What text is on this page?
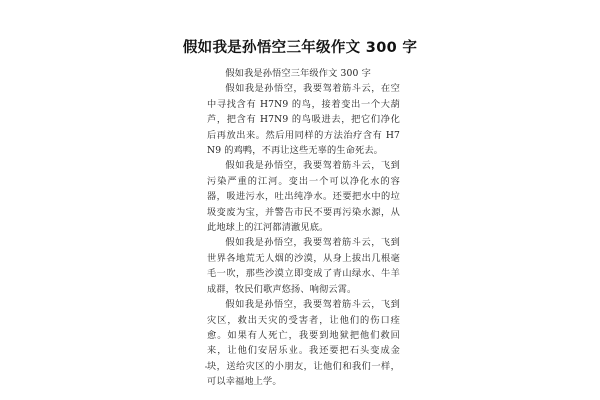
假如我是孙悟空三年级作文 300 字

假如我是孙悟空三年级作文 300 字

假如我是孙悟空，我要驾着筋斗云，在空中寻找含有 H7N9 的鸟，接着变出一个大葫芦，把含有 H7N9 的鸟吸进去，把它们净化后再放出来。然后用同样的方法治疗含有 H7N9 的鸡鸭，不再让这些无辜的生命死去。

假如我是孙悟空，我要驾着筋斗云，飞到污染严重的江河。变出一个可以净化水的容器，吸进污水，吐出纯净水。还要把水中的垃圾变废为宝，并警告市民不要再污染水源，从此地球上的江河都清澈见底。

假如我是孙悟空，我要驾着筋斗云，飞到世界各地荒无人烟的沙漠，从身上拔出几根毫毛一吹，那些沙漠立即变成了青山绿水、牛羊成群，牧民们歌声悠扬、响彻云霄。

假如我是孙悟空，我要驾着筋斗云，飞到灾区，救出天灾的受害者，让他们的伤口痊愈。如果有人死亡，我要到地狱把他们救回来，让他们安居乐业。我还要把石头变成金块，送给灾区的小朋友，让他们和我们一样，可以幸福地上学。
